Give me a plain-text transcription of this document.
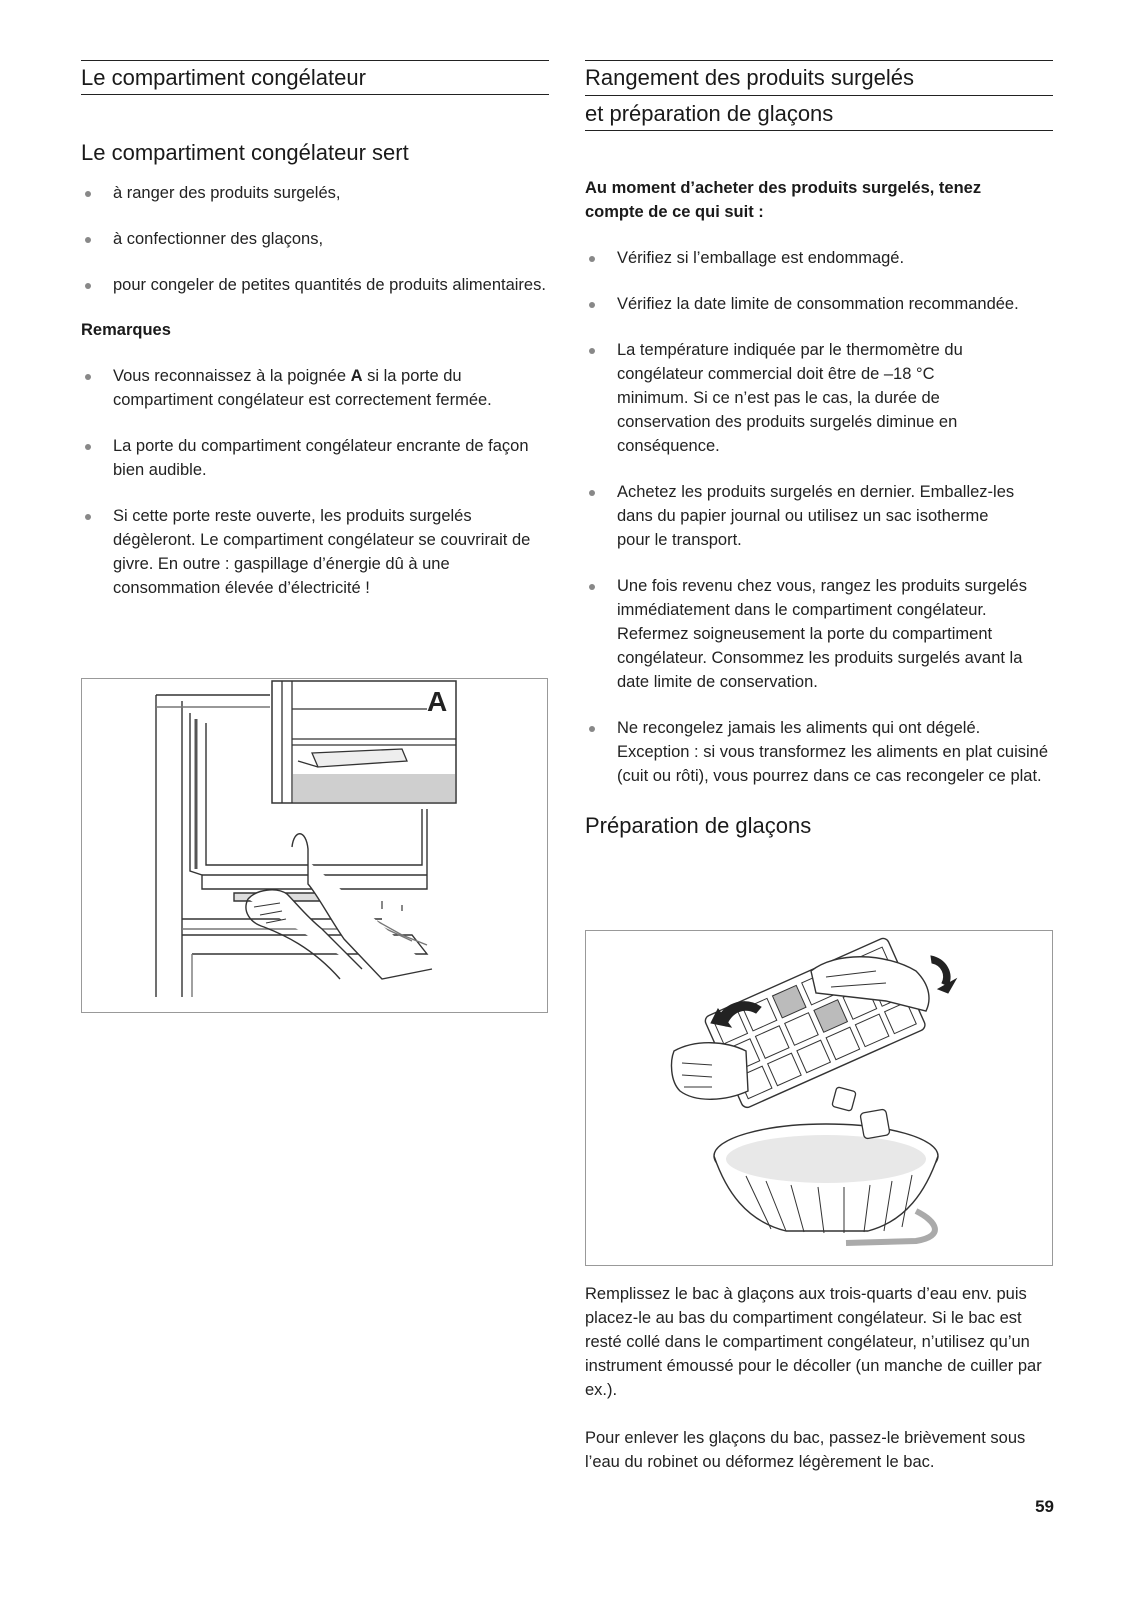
Le compartiment congélateur
Le compartiment congélateur sert
à ranger des produits surgelés,
à confectionner des glaçons,
pour congeler de petites quantités de produits alimentaires.

Remarques

Vous reconnaissez à la poignée A si la porte du compartiment congélateur est correctement fermée.
La porte du compartiment congélateur encrante de façon bien audible.
Si cette porte reste ouverte, les produits surgelés dégèleront. Le compartiment congélateur se couvrirait de givre. En outre : gaspillage d’énergie dû à une consommation élevée d’électricité !
A
Rangement des produits surgelés
et préparation de glaçons

Au moment d’acheter des produits surgelés, tenez compte de ce qui suit :

Vérifiez si l’emballage est endommagé.
Vérifiez la date limite de consommation recommandée.
La température indiquée par le thermomètre du congélateur commercial doit être de –18 °C minimum. Si ce n’est pas le cas, la durée de conservation des produits surgelés diminue en conséquence.
Achetez les produits surgelés en dernier. Emballez-les dans du papier journal ou utilisez un sac isotherme pour le transport.
Une fois revenu chez vous, rangez les produits surgelés immédiatement dans le compartiment congélateur. Refermez soigneusement la porte du compartiment congélateur. Consommez les produits surgelés avant la date limite de conservation.
Ne recongelez jamais les aliments qui ont dégelé. Exception : si vous transformez les aliments en plat cuisiné (cuit ou rôti), vous pourrez dans ce cas recongeler ce plat.
Préparation de glaçons

Remplissez le bac à glaçons aux trois-quarts d’eau env. puis placez-le au bas du compartiment congélateur. Si le bac est resté collé dans le compartiment congélateur, n’utilisez qu’un instrument émoussé pour le décoller (un manche de cuiller par ex.).

Pour enlever les glaçons du bac, passez-le brièvement sous l’eau du robinet ou déformez légèrement le bac.

59
